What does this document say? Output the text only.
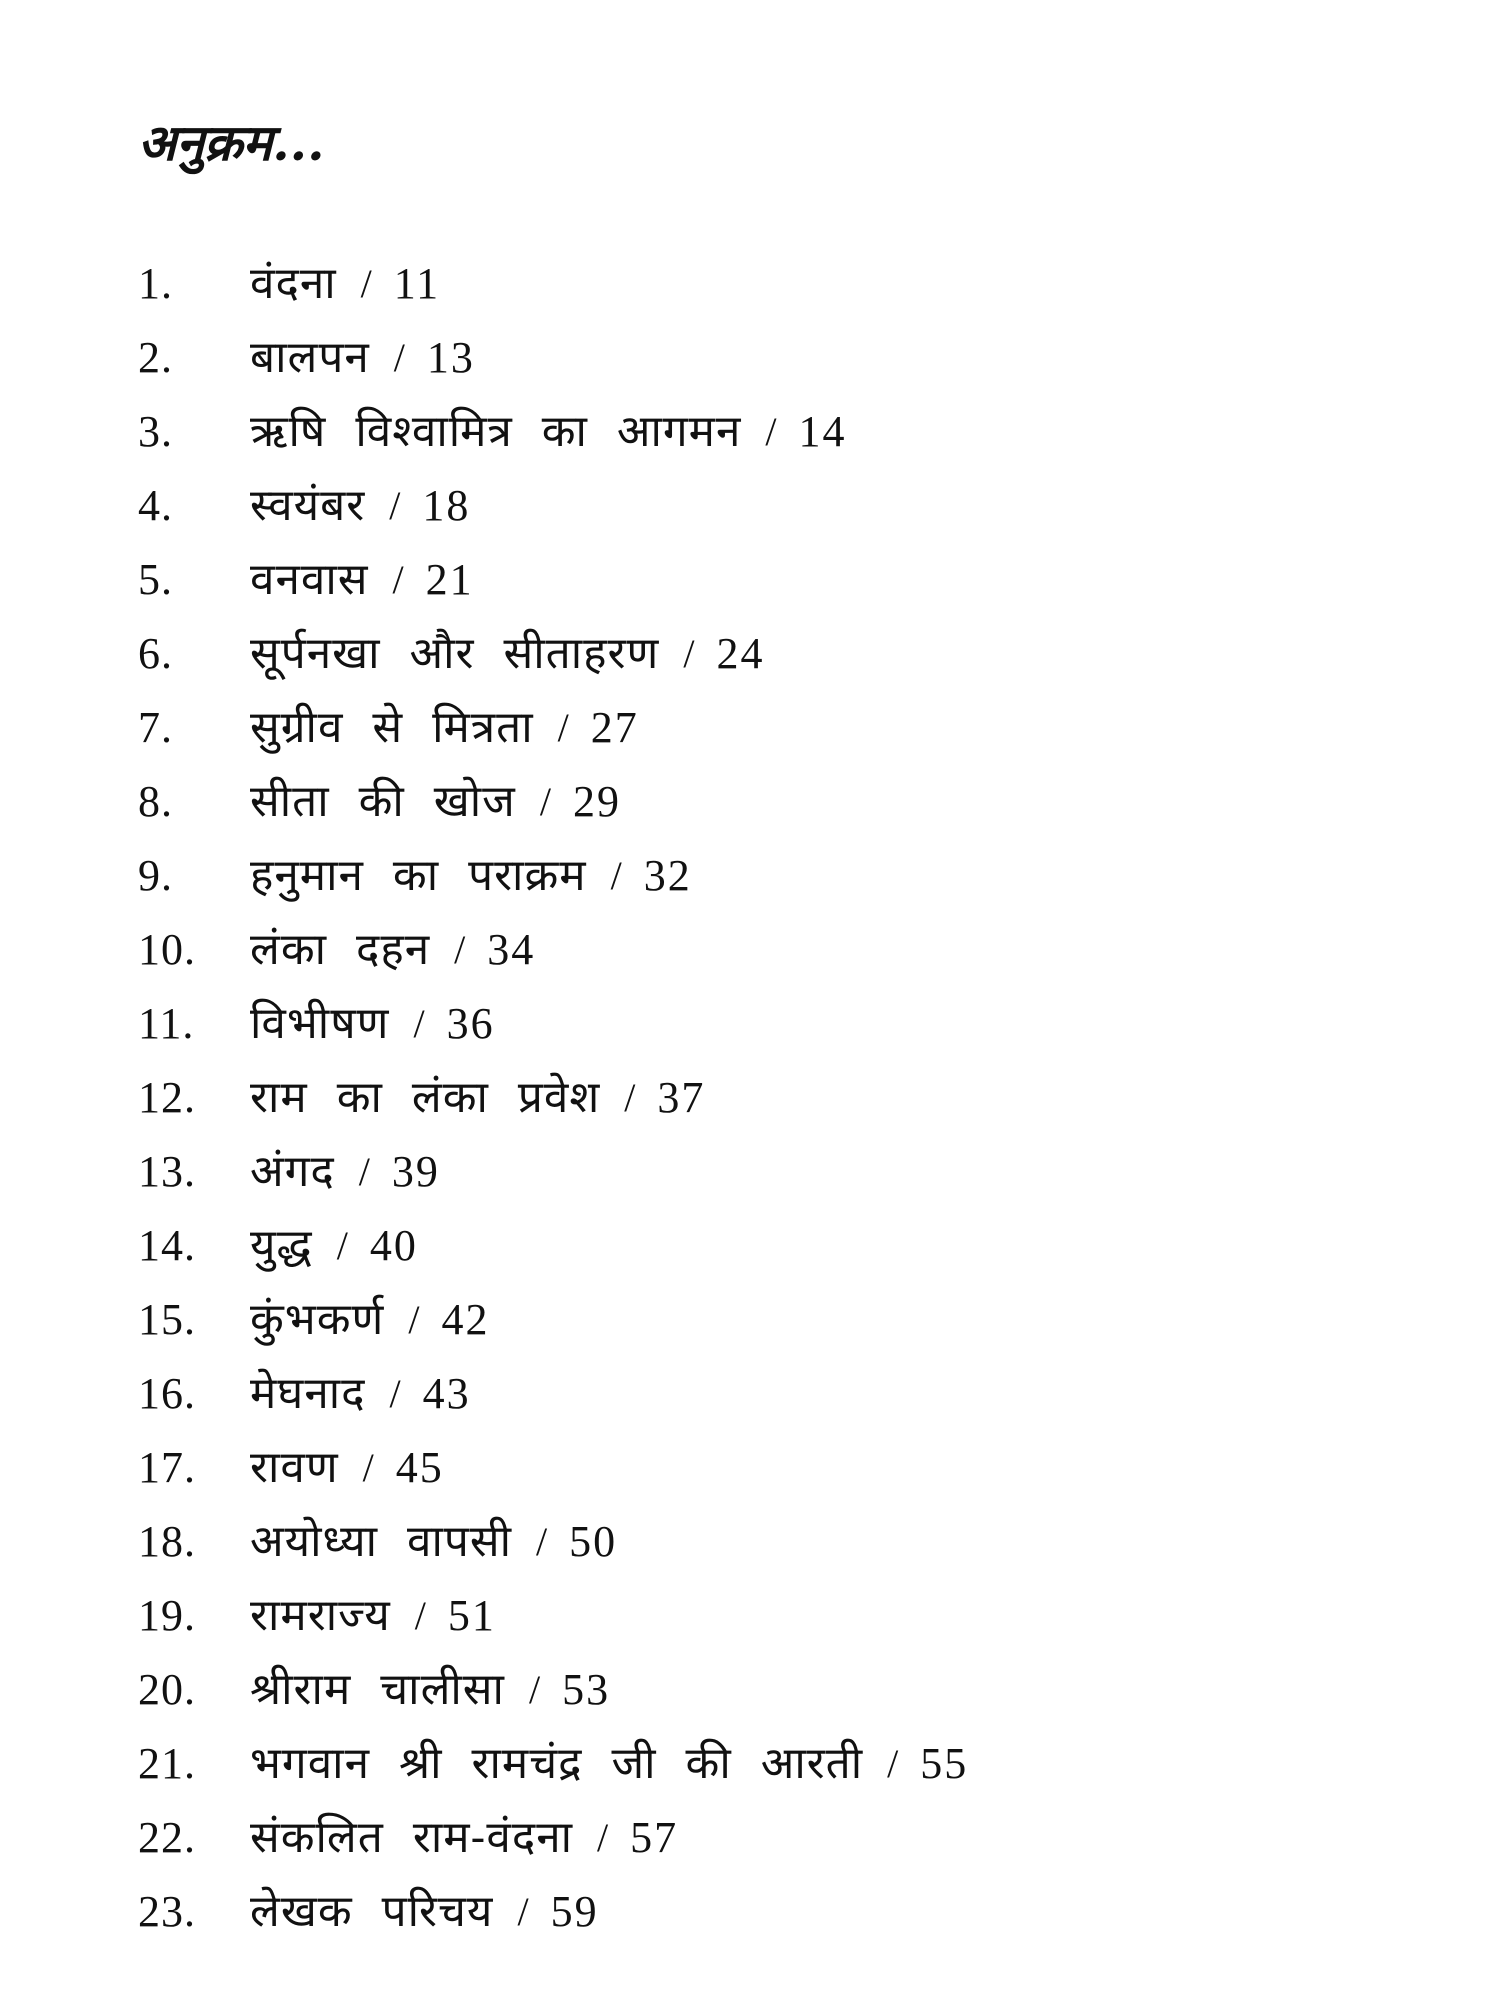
अनुक्रम...
1.	वंदना / 11
2.	बालपन / 13
3.	ऋषि विश्वामित्र का आगमन / 14
4.	स्वयंबर / 18
5.	वनवास / 21
6.	सूर्पनखा और सीताहरण / 24
7.	सुग्रीव से मित्रता / 27
8.	सीता की खोज / 29
9.	हनुमान का पराक्रम / 32
10.	लंका दहन / 34
11.	विभीषण / 36
12.	राम का लंका प्रवेश / 37
13.	अंगद / 39
14.	युद्ध / 40
15.	कुंभकर्ण / 42
16.	मेघनाद / 43
17.	रावण / 45
18.	अयोध्या वापसी / 50
19.	रामराज्य / 51
20.	श्रीराम चालीसा / 53
21.	भगवान श्री रामचंद्र जी की आरती / 55
22.	संकलित राम-वंदना / 57
23.	लेखक परिचय / 59
